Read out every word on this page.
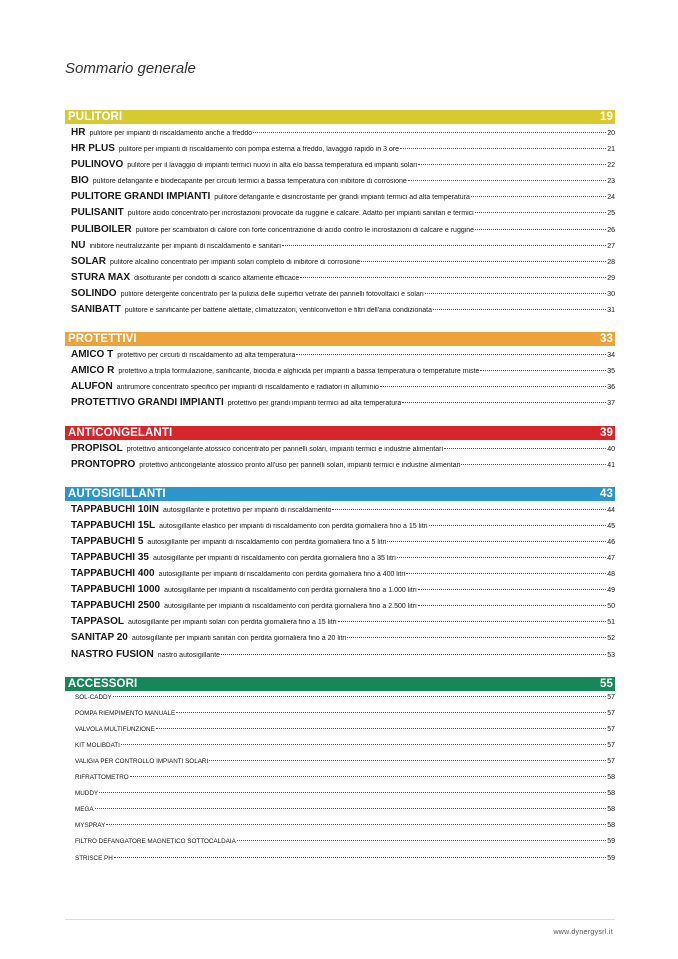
Sommario generale
PULITORI	19
HR pulitore per impianti di riscaldamento anche a freddo	20
HR PLUS pulitore per impianti di riscaldamento con pompa esterna a freddo, lavaggio rapido in 3 ore	21
PULINOVO pulitore per il lavaggio di impianti termici nuovi in alta e/o bassa temperatura ed impianti solari	22
BIO pulitore defangante e biodecapante per circuiti termici a bassa temperatura con inibitore di corrosione	23
PULITORE GRANDI IMPIANTI pulitore defangante e disincrostante per grandi impianti termici ad alta temperatura	24
PULISANIT pulitore acido concentrato per incrostazioni provocate da ruggine e calcare. Adatto per impianti sanitari e termici	25
PULIBOILER pulitore per scambiatori di calore con forte concentrazione di acido contro le incrostazioni di calcare e ruggine	26
NU inibitore neutralizzante per impianti di riscaldamento e sanitari	27
SOLAR pulitore alcalino concentrato per impianti solari completo di inibitore di corrosione	28
STURA MAX disotturante per condotti di scarico altamente efficace	29
SOLINDO pulitore detergente concentrato per la pulizia delle superfici vetrate dei pannelli fotovoltaici e solari	30
SANIBATT pulitore e sanificante per batterie alettate, climatizzatori, ventilconvettori e filtri dell'aria condizionata	31
PROTETTIVI	33
AMICO T protettivo per circuiti di riscaldamento ad alta temperatura	34
AMICO R protettivo a tripla formulazione, sanificante, biocida e alghicida per impianti a bassa temperatura o temperature miste	35
ALUFON antirumore concentrato specifico per impianti di riscaldamento e radiatori in alluminio	36
PROTETTIVO GRANDI IMPIANTI protettivo per grandi impianti termici ad alta temperatura	37
ANTICONGELANTI	39
PROPISOL protettivo anticongelante atossico concentrato per pannelli solari, impianti termici e industrie alimentari	40
PRONTOPRO protettivo anticongelante atossico pronto all'uso per pannelli solari, impianti termici e industrie alimentari	41
AUTOSIGILLANTI	43
TAPPABUCHI 10IN autosigillante e protettivo per impianti di riscaldamento	44
TAPPABUCHI 15L autosigillante elastico per impianti di riscaldamento con perdita giornaliera fino a 15 litri	45
TAPPABUCHI 5 autosigillante per impianti di riscaldamento con perdita giornaliera fino a 5 litri	46
TAPPABUCHI 35 autosigillante per impianti di riscaldamento con perdita giornaliera fino a 35 litri	47
TAPPABUCHI 400 autosigillante per impianti di riscaldamento con perdita giornaliera fino a 400 litri	48
TAPPABUCHI 1000 autosigillante per impianti di riscaldamento con perdita giornaliera fino a 1.000 litri	49
TAPPABUCHI 2500 autosigillante per impianti di riscaldamento con perdita giornaliera fino a 2.500 litri	50
TAPPASOL autosigillante per impianti solari con perdita giornaliera fino a 15 litri	51
SANITAP 20 autosigillante per impianti sanitari con perdita giornaliera fino a 20 litri	52
NASTRO FUSION nastro autosigillante	53
ACCESSORI	55
SOL-CADDY	57
POMPA RIEMPIMENTO MANUALE	57
VALVOLA MULTIFUNZIONE	57
KIT MOLIBDATI	57
VALIGIA PER CONTROLLO IMPIANTI SOLARI	57
RIFRATTOMETRO	58
MUDDY	58
MEGA	58
MYSPRAY	58
FILTRO DEFANGATORE MAGNETICO SOTTOCALDAIA	59
STRISCE PH	59
www.dynergysrl.it
